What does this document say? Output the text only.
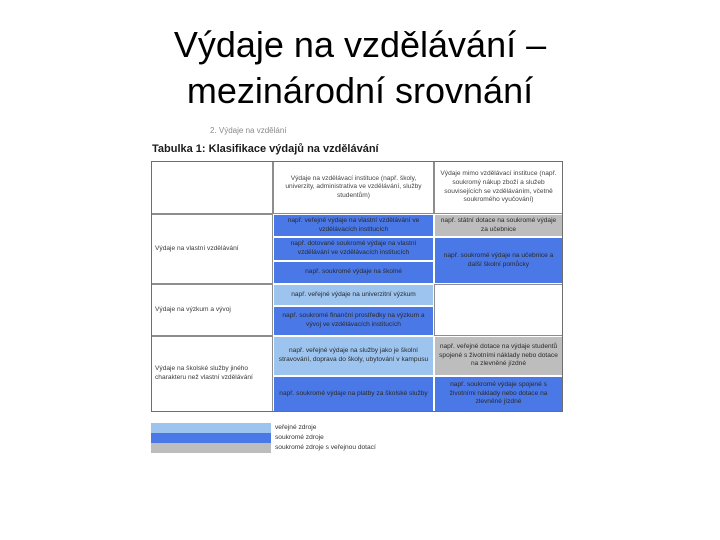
Výdaje na vzdělávání –
mezinárodní srovnání
2. Výdaje na vzdělání
Tabulka 1: Klasifikace výdajů na vzdělávání
Výdaje na vzdělávací instituce (např. školy, univerzity, administrativa ve vzdělávání, služby studentům)
Výdaje mimo vzdělávací instituce (např. soukromý nákup zboží a služeb souvisejících se vzděláváním, včetně soukromého vyučování)
Výdaje na vlastní vzdělávání
např. veřejné výdaje na vlastní vzdělávání ve vzdělávacích institucích
např. dotované soukromé výdaje na vlastní vzdělávání ve vzdělávacích institucích
např. soukromé výdaje na školné
např. státní dotace na soukromé výdaje za učebnice
např. soukromé výdaje na učebnice a další školní pomůcky
Výdaje na výzkum a vývoj
např. veřejné výdaje na univerzitní výzkum
např. soukromé finanční prostředky na výzkum a vývoj ve vzdělávacích institucích
Výdaje na školské služby jiného charakteru než vlastní vzdělávání
např. veřejné výdaje na služby jako je školní stravování, doprava do školy, ubytování v kampusu
např. soukromé výdaje na platby za školské služby
např. veřejné dotace na výdaje studentů spojené s životními náklady nebo dotace na zlevněné jízdné
např. soukromé výdaje spojené s životními náklady nebo dotace na zlevněné jízdné
veřejné zdroje
soukromé zdroje
soukromé zdroje s veřejnou dotací
